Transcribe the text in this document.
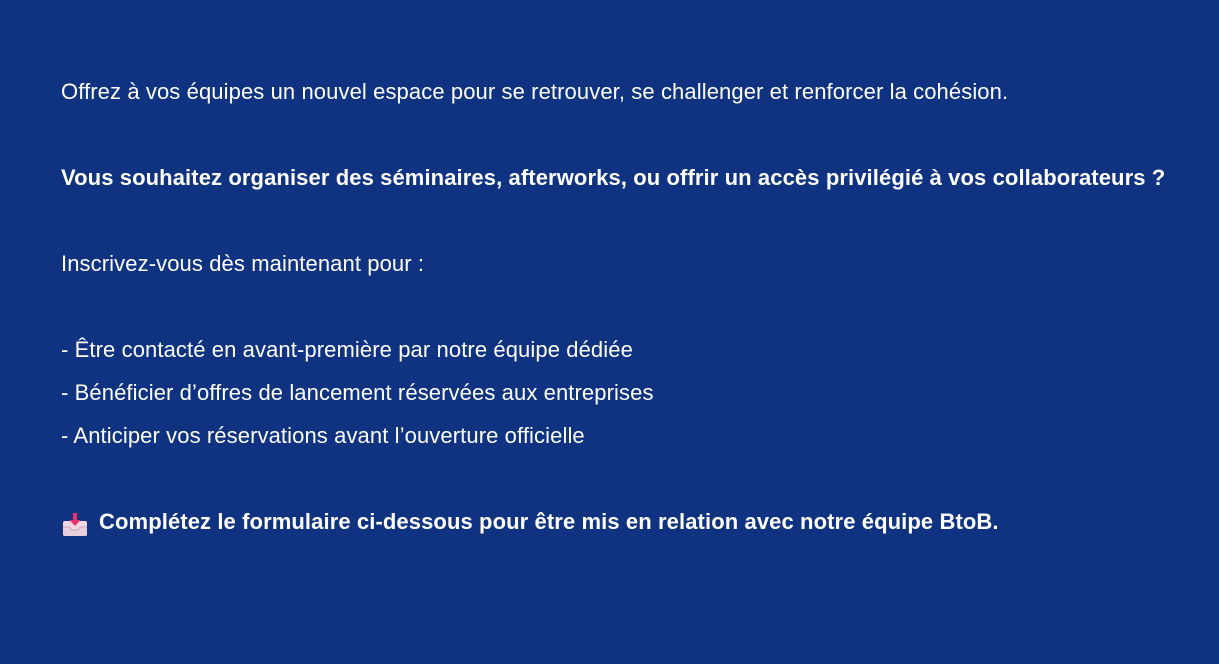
Offrez à vos équipes un nouvel espace pour se retrouver, se challenger et renforcer la cohésion.

Vous souhaitez organiser des séminaires, afterworks, ou offrir un accès privilégié à vos collaborateurs ?

Inscrivez-vous dès maintenant pour :

- Être contacté en avant-première par notre équipe dédiée

- Bénéficier d’offres de lancement réservées aux entreprises

- Anticiper vos réservations avant l’ouverture officielle

Complétez le formulaire ci-dessous pour être mis en relation avec notre équipe BtoB.
